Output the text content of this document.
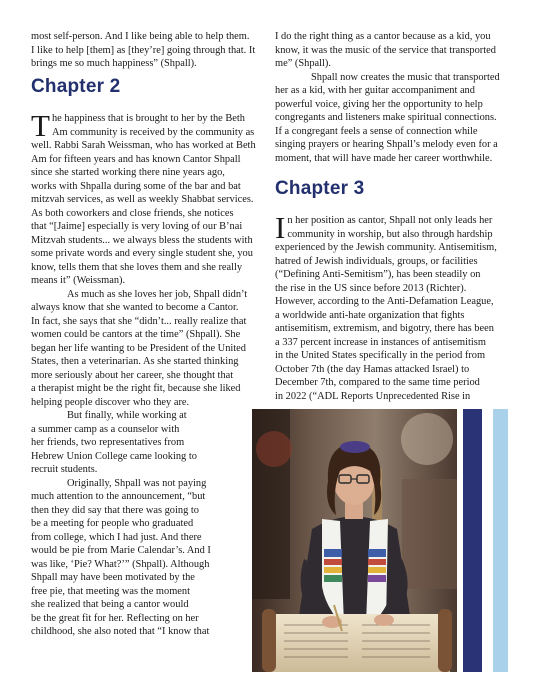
most self-person. And I like being able to help them.
I like to help [them] as [they’re] going through that. It
brings me so much happiness” (Shpall).

Chapter 2

T he happiness that is brought to her by the Beth
Am community is received by the community as
well. Rabbi Sarah Weissman, who has worked at Beth
Am for fifteen years and has known Cantor Shpall
since she started working there nine years ago,
works with Shpalla during some of the bar and bat
mitzvah services, as well as weekly Shabbat services.
As both coworkers and close friends, she notices
that “[Jaime] especially is very loving of our B’nai
Mitzvah students... we always bless the students with
some private words and every single student she, you
know, tells them that she loves them and she really
means it” (Weissman).

As much as she loves her job, Shpall didn’t
always know that she wanted to become a Cantor.
In fact, she says that she “didn’t... really realize that
women could be cantors at the time” (Shpall). She
began her life wanting to be President of the United
States, then a veterinarian. As she started thinking
more seriously about her career, she thought that
a therapist might be the right fit, because she liked
helping people discover who they are.

But finally, while working at
a summer camp as a counselor with
her friends, two representatives from
Hebrew Union College came looking to
recruit students.

Originally, Shpall was not paying
much attention to the announcement, “but
then they did say that there was going to
be a meeting for people who graduated
from college, which I had just. And there
would be pie from Marie Calendar’s. And I
was like, ‘Pie? What?’” (Shpall). Although
Shpall may have been motivated by the
free pie, that meeting was the moment
she realized that being a cantor would
be the great fit for her. Reflecting on her
childhood, she also noted that “I know that

I do the right thing as a cantor because as a kid, you
know, it was the music of the service that transported
me” (Shpall).

Shpall now creates the music that transported
her as a kid, with her guitar accompaniment and
powerful voice, giving her the opportunity to help
congregants and listeners make spiritual connections.
If a congregant feels a sense of connection while
singing prayers or hearing Shpall’s melody even for a
moment, that will have made her career worthwhile.

Chapter 3

I n her position as cantor, Shpall not only leads her
community in worship, but also through hardship
experienced by the Jewish community. Antisemitism,
hatred of Jewish individuals, groups, or facilities
(“Defining Anti-Semitism”), has been steadily on
the rise in the US since before 2013 (Richter).
However, according to the Anti-Defamation League,
a worldwide anti-hate organization that fights
antisemitism, extremism, and bigotry, there has been
a 337 percent increase in instances of antisemitism
in the United States specifically in the period from
October 7th (the day Hamas attacked Israel) to
December 7th, compared to the same time period
in 2022 (“ADL Reports Unprecedented Rise in
